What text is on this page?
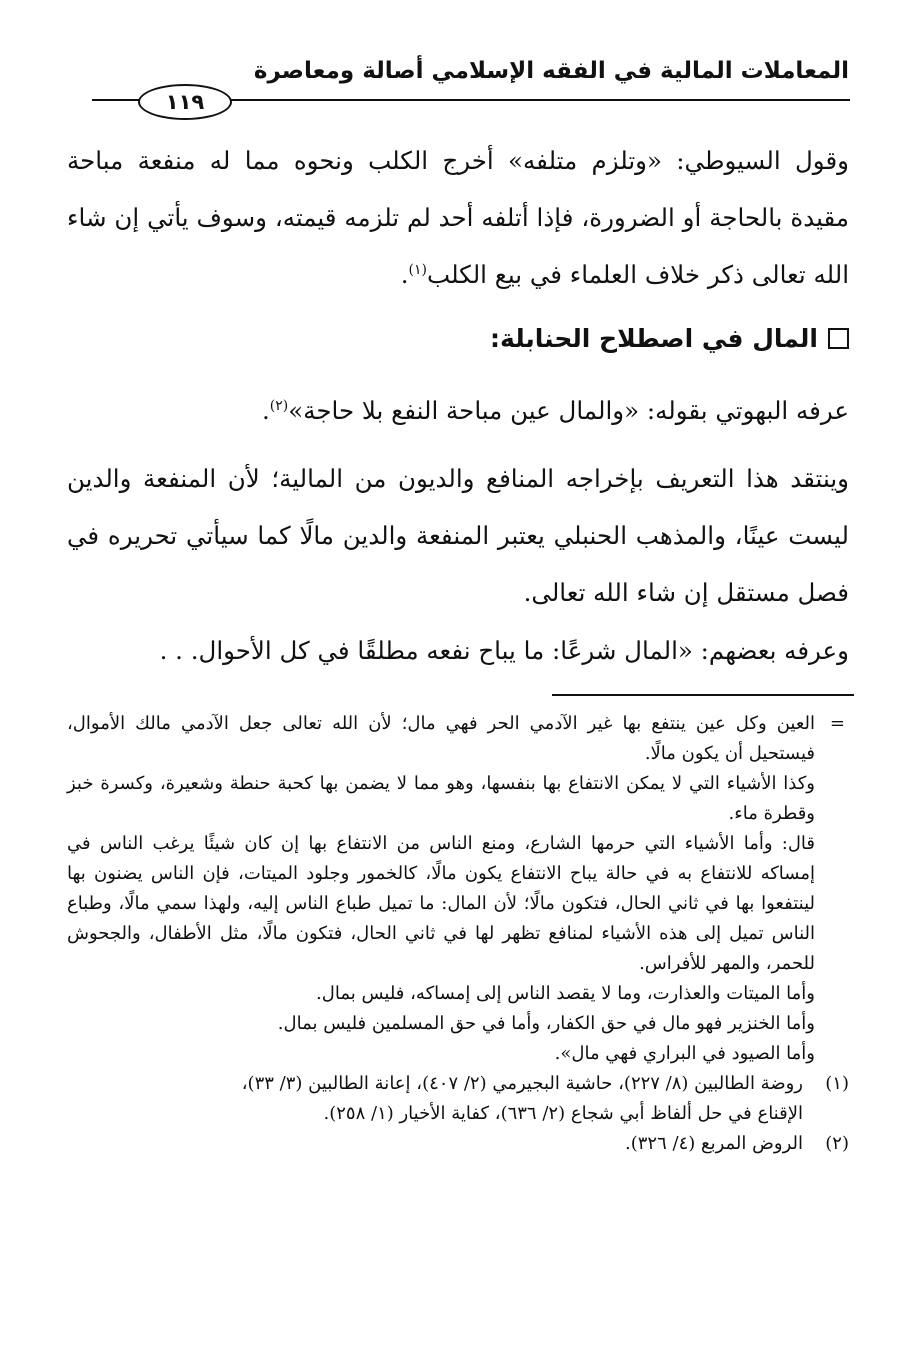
المعاملات المالية في الفقه الإسلامي أصالة ومعاصرة
١١٩

وقول السيوطي: «وتلزم متلفه» أخرج الكلب ونحوه مما له منفعة مباحة مقيدة بالحاجة أو الضرورة، فإذا أتلفه أحد لم تلزمه قيمته، وسوف يأتي إن شاء الله تعالى ذكر خلاف العلماء في بيع الكلب$^{(١)}$.

المال في اصطلاح الحنابلة:

عرفه البهوتي بقوله: «والمال عين مباحة النفع بلا حاجة»$^{(٢)}$.

وينتقد هذا التعريف بإخراجه المنافع والديون من المالية؛ لأن المنفعة والدين ليست عينًا، والمذهب الحنبلي يعتبر المنفعة والدين مالًا كما سيأتي تحريره في فصل مستقل إن شاء الله تعالى.

وعرفه بعضهم: «المال شرعًا: ما يباح نفعه مطلقًا في كل الأحوال. . .

=
العين وكل عين ينتفع بها غير الآدمي الحر فهي مال؛ لأن الله تعالى جعل الآدمي مالك الأموال، فيستحيل أن يكون مالًا.
وكذا الأشياء التي لا يمكن الانتفاع بها بنفسها، وهو مما لا يضمن بها كحبة حنطة وشعيرة، وكسرة خبز وقطرة ماء.
قال: وأما الأشياء التي حرمها الشارع، ومنع الناس من الانتفاع بها إن كان شيئًا يرغب الناس في إمساكه للانتفاع به في حالة يباح الانتفاع يكون مالًا، كالخمور وجلود الميتات، فإن الناس يضنون بها لينتفعوا بها في ثاني الحال، فتكون مالًا؛ لأن المال: ما تميل طباع الناس إليه، ولهذا سمي مالًا، وطباع الناس تميل إلى هذه الأشياء لمنافع تظهر لها في ثاني الحال، فتكون مالًا، مثل الأطفال، والجحوش للحمر، والمهر للأفراس.
وأما الميتات والعذارت، وما لا يقصد الناس إلى إمساكه، فليس بمال.
وأما الخنزير فهو مال في حق الكفار، وأما في حق المسلمين فليس بمال.
وأما الصيود في البراري فهي مال».
(١)
روضة الطالبين (٨/ ٢٢٧)، حاشية البجيرمي (٢/ ٤٠٧)، إعانة الطالبين (٣/ ٣٣)،
الإقناع في حل ألفاظ أبي شجاع (٢/ ٦٣٦)، كفاية الأخيار (١/ ٢٥٨).
(٢)
الروض المربع (٤/ ٣٢٦).
